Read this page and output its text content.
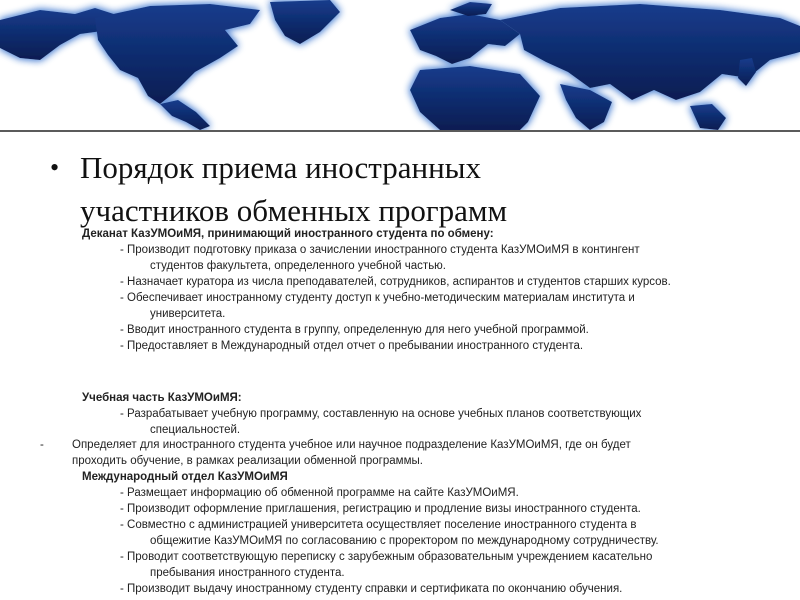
• Порядок приема иностранных
участников обменных программ
Деканат КазУМОиМЯ, принимающий иностранного студента по обмену:
- Производит подготовку приказа о зачислении иностранного студента КазУМОиМЯ в контингент
студентов факультета, определенного учебной частью.
- Назначает куратора из числа преподавателей, сотрудников, аспирантов и студентов старших курсов.
- Обеспечивает иностранному студенту доступ к учебно-методическим материалам института и
университета.
- Вводит иностранного студента в группу, определенную для него учебной программой.
- Предоставляет в Международный отдел отчет о пребывании иностранного студента.
Учебная часть КазУМОиМЯ:
- Разрабатывает учебную программу, составленную на основе учебных планов соответствующих
специальностей.
- Определяет для иностранного студента учебное или научное подразделение КазУМОиМЯ, где он будет
проходить обучение, в рамках реализации обменной программы.
Международный отдел КазУМОиМЯ
- Размещает информацию об обменной программе на сайте КазУМОиМЯ.
- Производит оформление приглашения, регистрацию и продление визы иностранного студента.
- Совместно с администрацией университета осуществляет поселение иностранного студента в
общежитие КазУМОиМЯ по согласованию с проректором по международному сотрудничеству.
- Проводит соответствующую переписку с зарубежным образовательным учреждением касательно
пребывания иностранного студента.
- Производит выдачу иностранному студенту справки и сертификата по окончанию обучения.
